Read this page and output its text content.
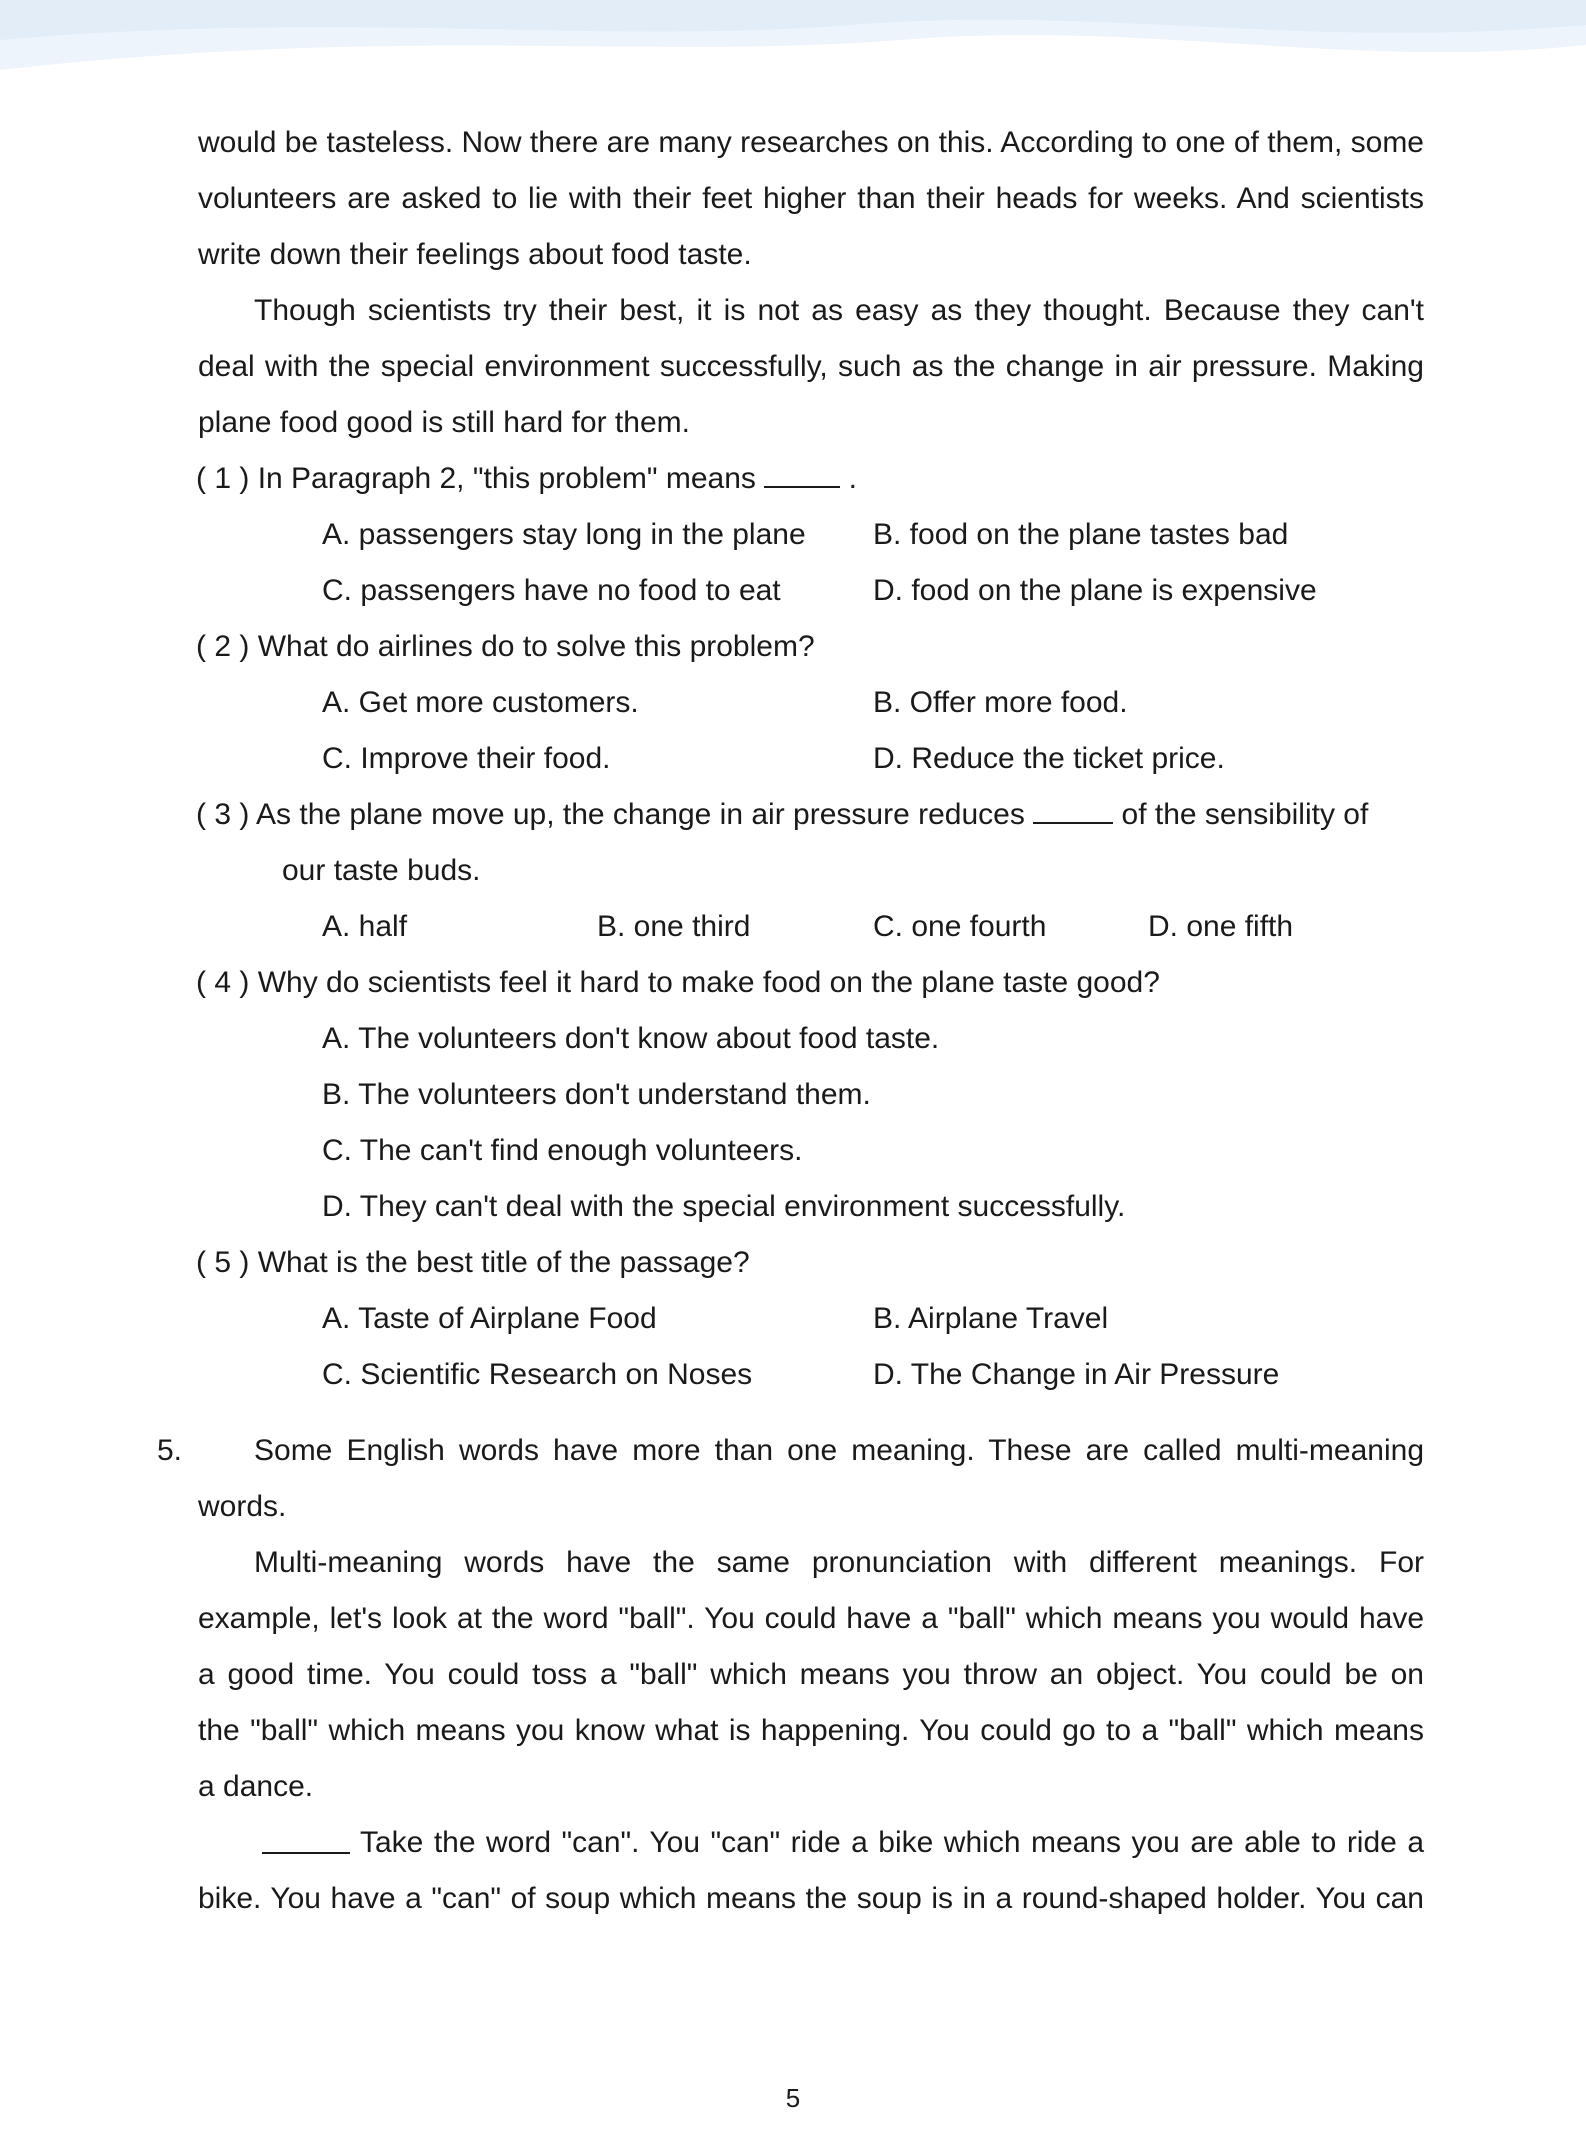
would be tasteless. Now there are many researches on this. According to one of them, some
volunteers are asked to lie with their feet higher than their heads for weeks. And scientists
write down their feelings about food taste.
Though scientists try their best, it is not as easy as they thought. Because they can't
deal with the special environment successfully, such as the change in air pressure. Making
plane food good is still hard for them.
( 1 ) In Paragraph 2, "this problem" means	.
A. passengers stay long in the plane B. food on the plane tastes bad
C. passengers have no food to eat	D. food on the plane is expensive
( 2 ) What do airlines do to solve this problem?
A. Get more customers.	B. Offer more food.
C. Improve their food.	D. Reduce the ticket price.
( 3 ) As the plane move up, the change in air pressure reduces	of the sensibility of
our taste buds.
A. half	B. one third	C. one fourth	D. one fifth
( 4 ) Why do scientists feel it hard to make food on the plane taste good?
A. The volunteers don't know about food taste.
B. The volunteers don't understand them.
C. The can't find enough volunteers.
D. They can't deal with the special environment successfully.
( 5 ) What is the best title of the passage?
A. Taste of Airplane Food	B. Airplane Travel
C. Scientific Research on Noses	D. The Change in Air Pressure
5. Some English words have more than one meaning. These are called multi-meaning
words.
Multi-meaning words have the same pronunciation with different meanings. For
example, let's look at the word "ball". You could have a "ball" which means you would have
a good time. You could toss a "ball" which means you throw an object. You could be on
the "ball" which means you know what is happening. You could go to a "ball" which means
a dance.
Take the word "can". You "can" ride a bike which means you are able to ride a
bike. You have a "can" of soup which means the soup is in a round-shaped holder. You can
5
